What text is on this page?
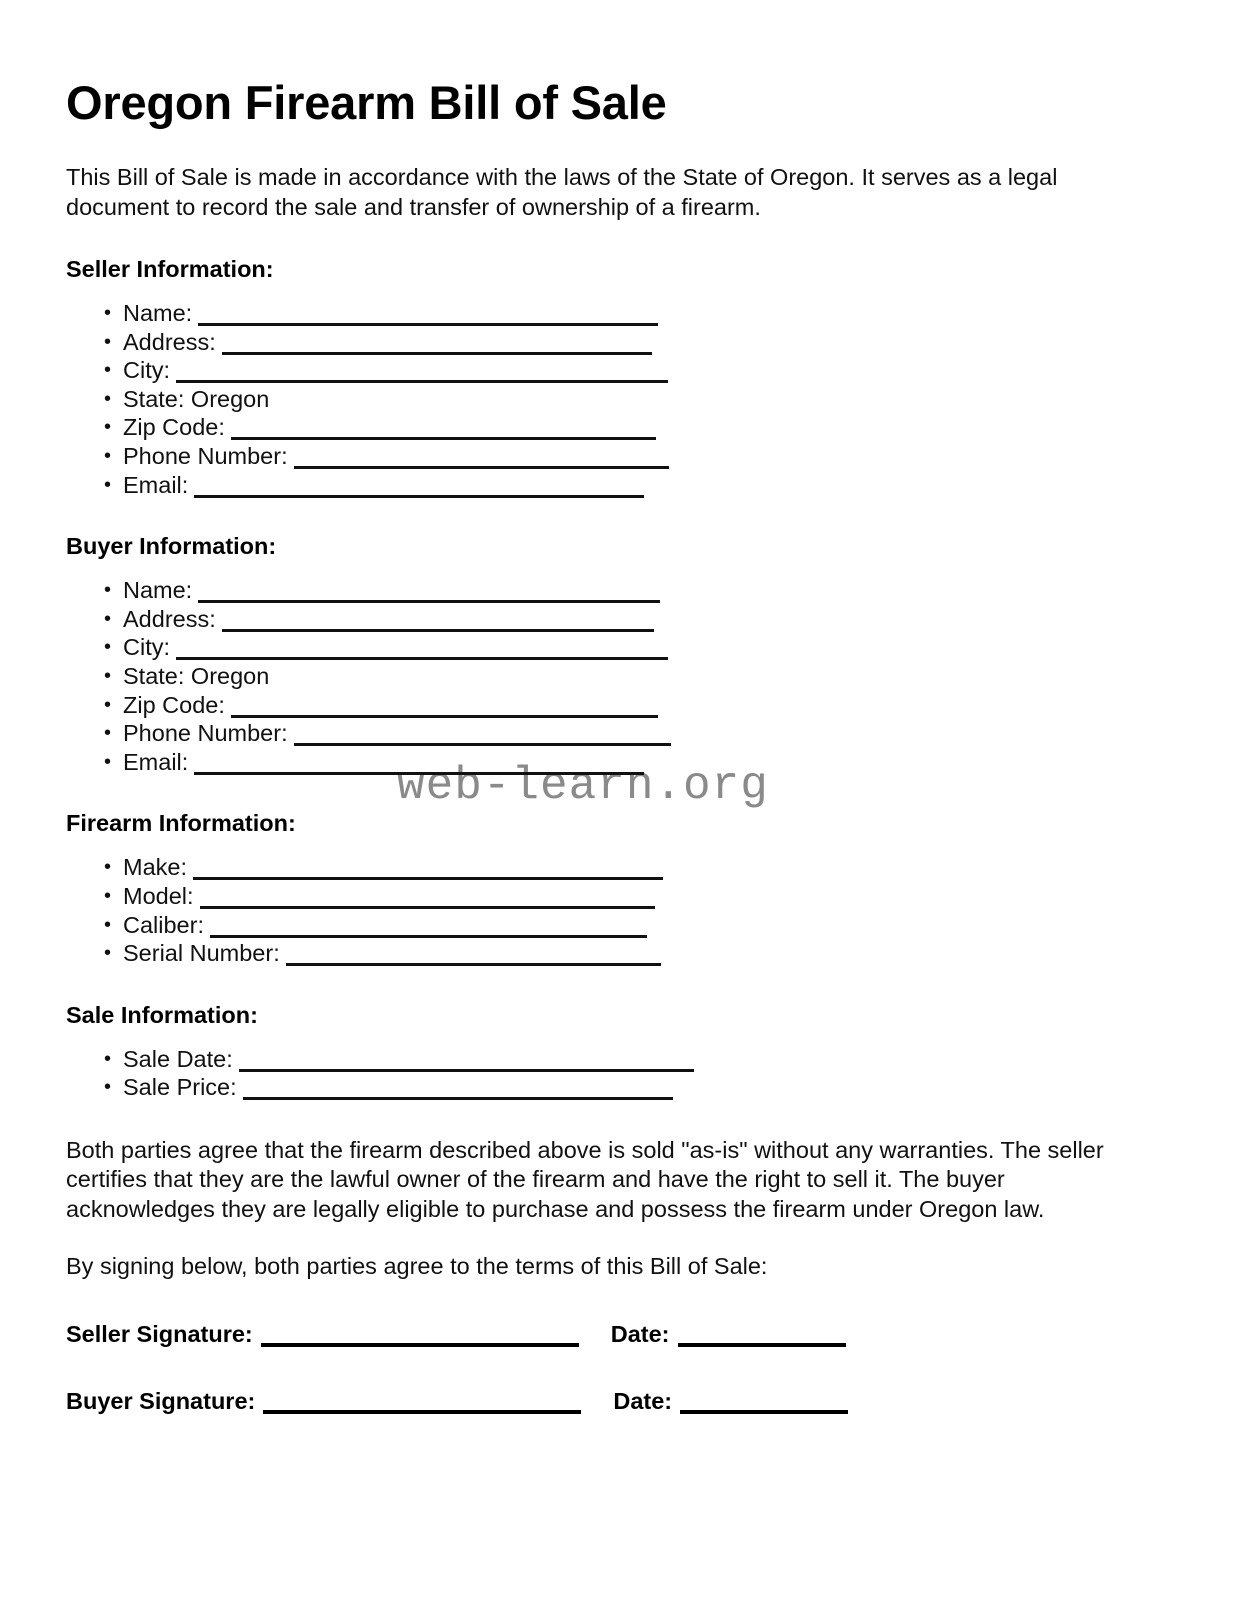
web-learn.org
Oregon Firearm Bill of Sale

This Bill of Sale is made in accordance with the laws of the State of Oregon. It serves as a legal document to record the sale and transfer of ownership of a firearm.

Seller Information:
• Name:
• Address:
• City:
• State: Oregon
• Zip Code:
• Phone Number:
• Email:
Buyer Information:
• Name:
• Address:
• City:
• State: Oregon
• Zip Code:
• Phone Number:
• Email:
Firearm Information:
• Make:
• Model:
• Caliber:
• Serial Number:
Sale Information:
• Sale Date:
• Sale Price:

Both parties agree that the firearm described above is sold "as-is" without any warranties. The seller certifies that they are the lawful owner of the firearm and have the right to sell it. The buyer acknowledges they are legally eligible to purchase and possess the firearm under Oregon law.

By signing below, both parties agree to the terms of this Bill of Sale:

Seller Signature:	Date:
Buyer Signature:	Date:
